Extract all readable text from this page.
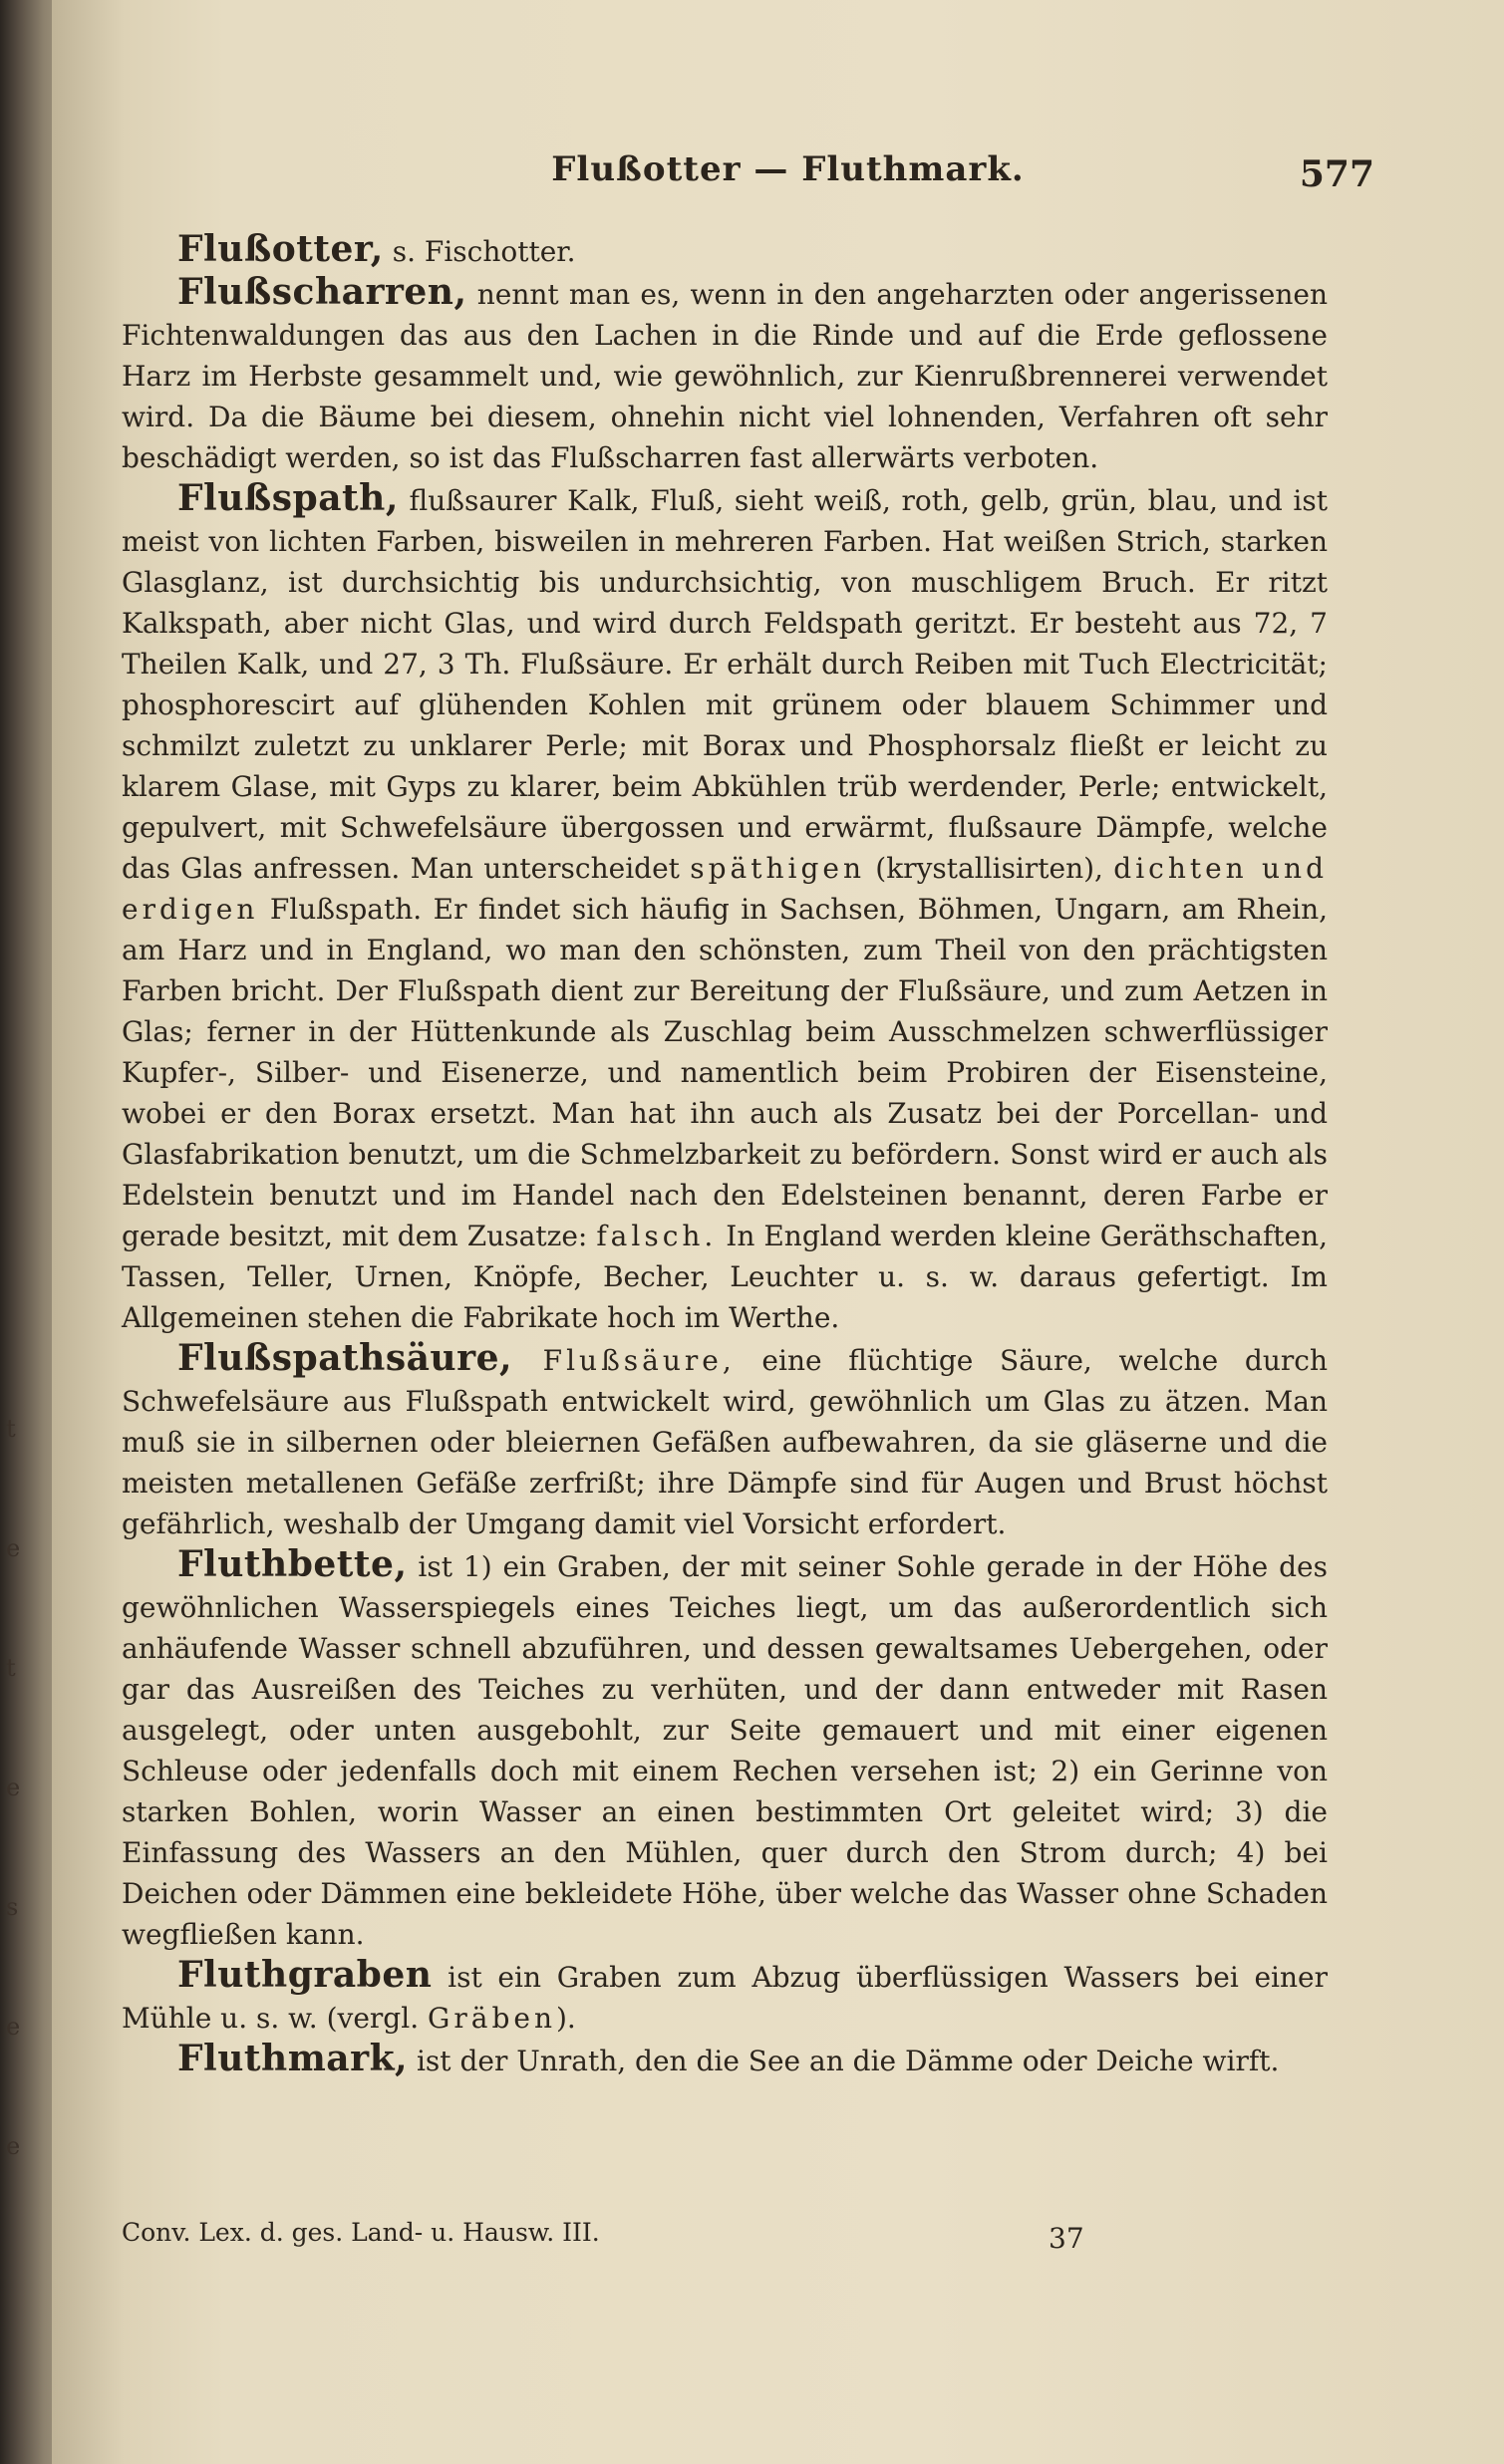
Flußotter — Fluthmark.	577

Flußotter, s. Fischotter.

Flußscharren, nennt man es, wenn in den angeharzten oder angerissenen Fichtenwaldungen das aus den Lachen in die Rinde und auf die Erde geflossene Harz im Herbste gesammelt und, wie gewöhnlich, zur Kienrußbrennerei verwendet wird. Da die Bäume bei diesem, ohnehin nicht viel lohnenden, Verfahren oft sehr beschädigt werden, so ist das Flußscharren fast allerwärts verboten.

Flußspath, flußsaurer Kalk, Fluß, sieht weiß, roth, gelb, grün, blau, und ist meist von lichten Farben, bisweilen in mehreren Farben. Hat weißen Strich, starken Glasglanz, ist durchsichtig bis undurchsichtig, von muschligem Bruch. Er ritzt Kalkspath, aber nicht Glas, und wird durch Feldspath geritzt. Er besteht aus 72, 7 Theilen Kalk, und 27, 3 Th. Flußsäure. Er erhält durch Reiben mit Tuch Electricität; phosphorescirt auf glühenden Kohlen mit grünem oder blauem Schimmer und schmilzt zuletzt zu unklarer Perle; mit Borax und Phosphorsalz fließt er leicht zu klarem Glase, mit Gyps zu klarer, beim Abkühlen trüb werdender, Perle; entwickelt, gepulvert, mit Schwefelsäure übergossen und erwärmt, flußsaure Dämpfe, welche das Glas anfressen. Man unterscheidet späthigen (krystallisirten), dichten und erdigen Flußspath. Er findet sich häufig in Sachsen, Böhmen, Ungarn, am Rhein, am Harz und in England, wo man den schönsten, zum Theil von den prächtigsten Farben bricht. Der Flußspath dient zur Bereitung der Flußsäure, und zum Aetzen in Glas; ferner in der Hüttenkunde als Zuschlag beim Ausschmelzen schwerflüssiger Kupfer-, Silber- und Eisenerze, und namentlich beim Probiren der Eisensteine, wobei er den Borax ersetzt. Man hat ihn auch als Zusatz bei der Porcellan- und Glasfabrikation benutzt, um die Schmelzbarkeit zu befördern. Sonst wird er auch als Edelstein benutzt und im Handel nach den Edelsteinen benannt, deren Farbe er gerade besitzt, mit dem Zusatze: falsch. In England werden kleine Geräthschaften, Tassen, Teller, Urnen, Knöpfe, Becher, Leuchter u. s. w. daraus gefertigt. Im Allgemeinen stehen die Fabrikate hoch im Werthe.

Flußspathsäure, Flußsäure, eine flüchtige Säure, welche durch Schwefelsäure aus Flußspath entwickelt wird, gewöhnlich um Glas zu ätzen. Man muß sie in silbernen oder bleiernen Gefäßen aufbewahren, da sie gläserne und die meisten metallenen Gefäße zerfrißt; ihre Dämpfe sind für Augen und Brust höchst gefährlich, weshalb der Umgang damit viel Vorsicht erfordert.

Fluthbette, ist 1) ein Graben, der mit seiner Sohle gerade in der Höhe des gewöhnlichen Wasserspiegels eines Teiches liegt, um das außerordentlich sich anhäufende Wasser schnell abzuführen, und dessen gewaltsames Uebergehen, oder gar das Ausreißen des Teiches zu verhüten, und der dann entweder mit Rasen ausgelegt, oder unten ausgebohlt, zur Seite gemauert und mit einer eigenen Schleuse oder jedenfalls doch mit einem Rechen versehen ist; 2) ein Gerinne von starken Bohlen, worin Wasser an einen bestimmten Ort geleitet wird; 3) die Einfassung des Wassers an den Mühlen, quer durch den Strom durch; 4) bei Deichen oder Dämmen eine bekleidete Höhe, über welche das Wasser ohne Schaden wegfließen kann.

Fluthgraben ist ein Graben zum Abzug überflüssigen Wassers bei einer Mühle u. s. w. (vergl. Gräben).

Fluthmark, ist der Unrath, den die See an die Dämme oder Deiche wirft.

Conv. Lex. d. ges. Land- u. Hausw. III.	37
t
e
t
e
s
e
e
